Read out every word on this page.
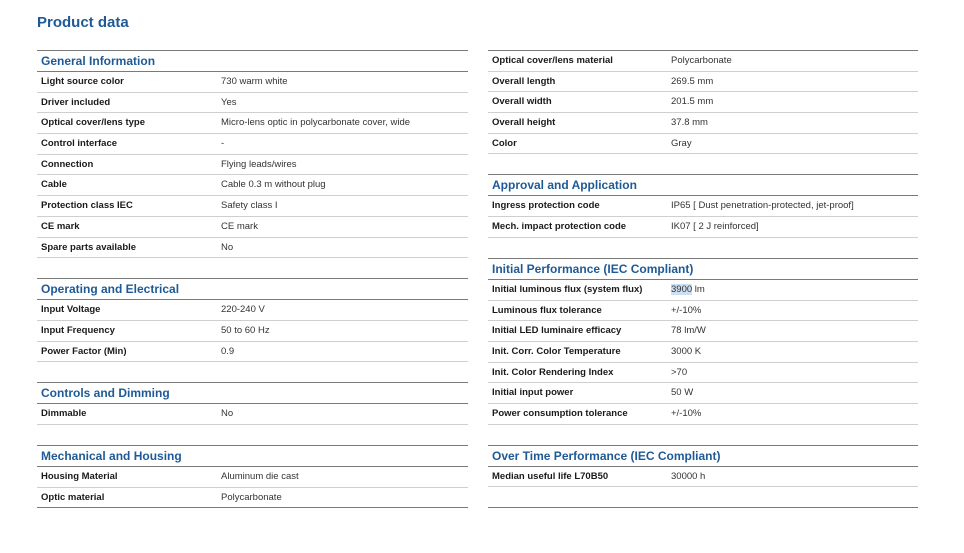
Product data
General Information
Light source color	730 warm white
Driver included	Yes
Optical cover/lens type	Micro-lens optic in polycarbonate cover, wide
Control interface	-
Connection	Flying leads/wires
Cable	Cable 0.3 m without plug
Protection class IEC	Safety class I
CE mark	CE mark
Spare parts available	No
Operating and Electrical
Input Voltage	220-240 V
Input Frequency	50 to 60 Hz
Power Factor (Min)	0.9
Controls and Dimming
Dimmable	No
Mechanical and Housing
Housing Material	Aluminum die cast
Optic material	Polycarbonate
Optical cover/lens material	Polycarbonate
Overall length	269.5 mm
Overall width	201.5 mm
Overall height	37.8 mm
Color	Gray
Approval and Application
Ingress protection code	IP65 [ Dust penetration-protected, jet-proof]
Mech. impact protection code	IK07 [ 2 J reinforced]
Initial Performance (IEC Compliant)
Initial luminous flux (system flux)	3900 lm
Luminous flux tolerance	+/-10%
Initial LED luminaire efficacy	78 lm/W
Init. Corr. Color Temperature	3000 K
Init. Color Rendering Index	>70
Initial input power	50 W
Power consumption tolerance	+/-10%
Over Time Performance (IEC Compliant)
Median useful life L70B50	30000 h
